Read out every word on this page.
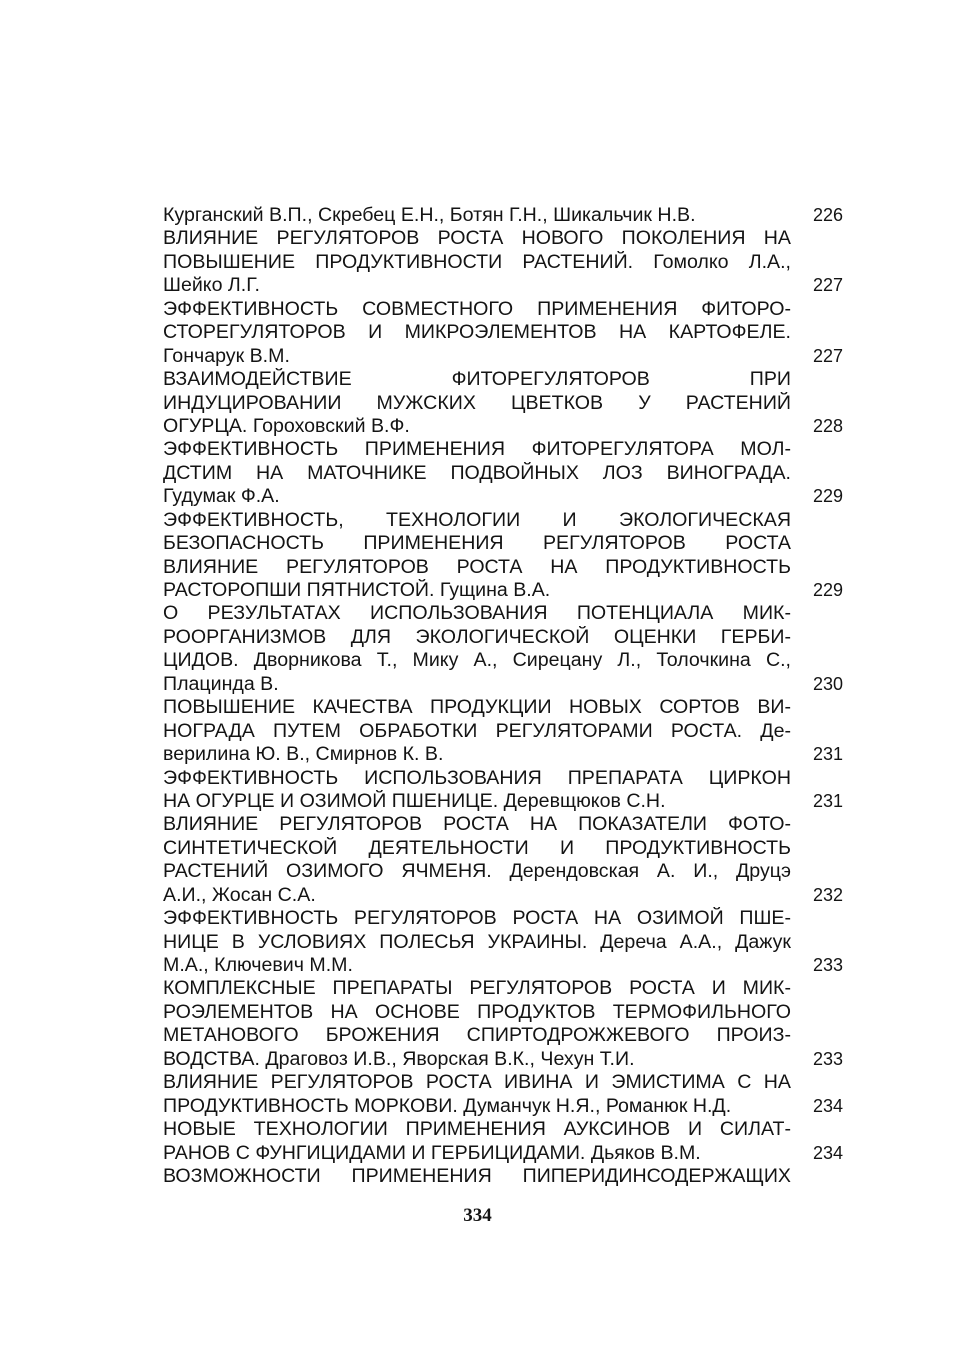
Курганский В.П., Скребец Е.Н., Ботян Г.Н., Шикальчик Н.В.	226
ВЛИЯНИЕ РЕГУЛЯТОРОВ РОСТА НОВОГО ПОКОЛЕНИЯ НА
ПОВЫШЕНИЕ ПРОДУКТИВНОСТИ РАСТЕНИЙ. Гомолко Л.А.,
Шейко Л.Г.	227
ЭФФЕКТИВНОСТЬ СОВМЕСТНОГО ПРИМЕНЕНИЯ ФИТОРО-
СТОРЕГУЛЯТОРОВ И МИКРОЭЛЕМЕНТОВ НА КАРТОФЕЛЕ.
Гончарук В.М.	227
ВЗАИМОДЕЙСТВИЕ ФИТОРЕГУЛЯТОРОВ ПРИ
ИНДУЦИРОВАНИИ МУЖСКИХ ЦВЕТКОВ У РАСТЕНИЙ
ОГУРЦА. Гороховский В.Ф.	228
ЭФФЕКТИВНОСТЬ ПРИМЕНЕНИЯ ФИТОРЕГУЛЯТОРА МОЛ-
ДСТИМ НА МАТОЧНИКЕ ПОДВОЙНЫХ ЛОЗ ВИНОГРАДА.
Гудумак Ф.А.	229
ЭФФЕКТИВНОСТЬ, ТЕХНОЛОГИИ И ЭКОЛОГИЧЕСКАЯ
БЕЗОПАСНОСТЬ ПРИМЕНЕНИЯ РЕГУЛЯТОРОВ РОСТА
ВЛИЯНИЕ РЕГУЛЯТОРОВ РОСТА НА ПРОДУКТИВНОСТЬ
РАСТОРОПШИ ПЯТНИСТОЙ. Гущина В.А.	229
О РЕЗУЛЬТАТАХ ИСПОЛЬЗОВАНИЯ ПОТЕНЦИАЛА МИК-
РООРГАНИЗМОВ ДЛЯ ЭКОЛОГИЧЕСКОЙ ОЦЕНКИ ГЕРБИ-
ЦИДОВ. Дворникова Т., Мику А., Сирецану Л., Толочкина С.,
Плацинда В.	230
ПОВЫШЕНИЕ КАЧЕСТВА ПРОДУКЦИИ НОВЫХ СОРТОВ ВИ-
НОГРАДА ПУТЕМ ОБРАБОТКИ РЕГУЛЯТОРАМИ РОСТА. Де-
верилина Ю. В., Смирнов К. В.	231
ЭФФЕКТИВНОСТЬ ИСПОЛЬЗОВАНИЯ ПРЕПАРАТА ЦИРКОН
НА ОГУРЦЕ И ОЗИМОЙ ПШЕНИЦЕ. Деревщюков С.Н.	231
ВЛИЯНИЕ РЕГУЛЯТОРОВ РОСТА НА ПОКАЗАТЕЛИ ФОТО-
СИНТЕТИЧЕСКОЙ ДЕЯТЕЛЬНОСТИ И ПРОДУКТИВНОСТЬ
РАСТЕНИЙ ОЗИМОГО ЯЧМЕНЯ. Дерендовская А. И., Друцэ
А.И., Жосан С.А.	232
ЭФФЕКТИВНОСТЬ РЕГУЛЯТОРОВ РОСТА НА ОЗИМОЙ ПШЕ-
НИЦЕ В УСЛОВИЯХ ПОЛЕСЬЯ УКРАИНЫ. Дереча А.А., Дажук
М.А., Ключевич М.М.	233
КОМПЛЕКСНЫЕ ПРЕПАРАТЫ РЕГУЛЯТОРОВ РОСТА И МИК-
РОЭЛЕМЕНТОВ НА ОСНОВЕ ПРОДУКТОВ ТЕРМОФИЛЬНОГО
МЕТАНОВОГО БРОЖЕНИЯ СПИРТОДРОЖЖЕВОГО ПРОИЗ-
ВОДСТВА. Драговоз И.В., Яворская В.К., Чехун Т.И.	233
ВЛИЯНИЕ РЕГУЛЯТОРОВ РОСТА ИВИНА И ЭМИСТИМА С НА
ПРОДУКТИВНОСТЬ МОРКОВИ. Думанчук Н.Я., Романюк Н.Д.	234
НОВЫЕ ТЕХНОЛОГИИ ПРИМЕНЕНИЯ АУКСИНОВ И СИЛАТ-
РАНОВ С ФУНГИЦИДАМИ И ГЕРБИЦИДАМИ. Дьяков В.М.	234
ВОЗМОЖНОСТИ ПРИМЕНЕНИЯ ПИПЕРИДИНСОДЕРЖАЩИХ
334
